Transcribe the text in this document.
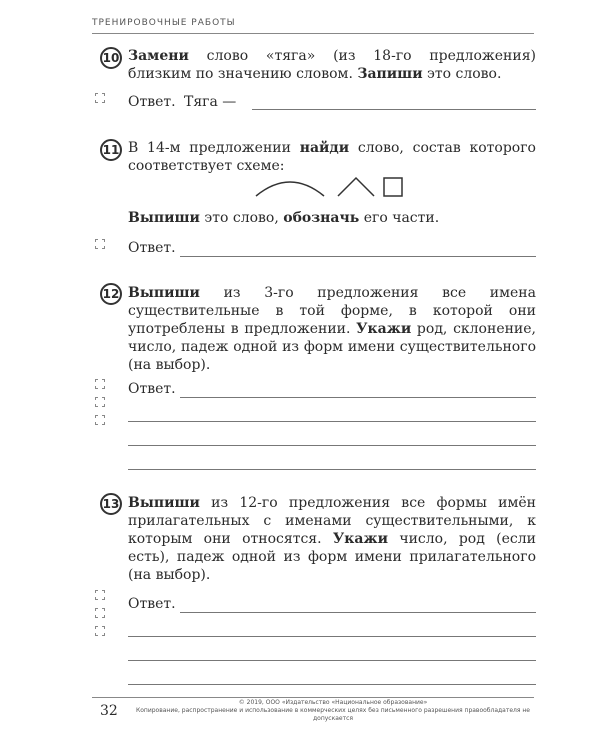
ТРЕНИРОВОЧНЫЕ РАБОТЫ
10 Замени слово «тяга» (из 18-го предложения) близким по значению словом. Запиши это слово.
Ответ. Тяга —
11 В 14-м предложении найди слово, состав которого соответствует схеме:
Выпиши это слово, обозначь его части.
Ответ.
12 Выпиши из 3-го предложения все имена существительные в той форме, в которой они употреблены в предложении. Укажи род, склонение, число, падеж одной из форм имени существительного (на выбор).
Ответ.
13 Выпиши из 12-го предложения все формы имён прилагательных с именами существительными, к которым они относятся. Укажи число, род (если есть), падеж одной из форм имени прилагательного (на выбор).
Ответ.
32
© 2019, ООО «Издательство «Национальное образование»
Копирование, распространение и использование в коммерческих целях без письменного разрешения правообладателя не допускается
